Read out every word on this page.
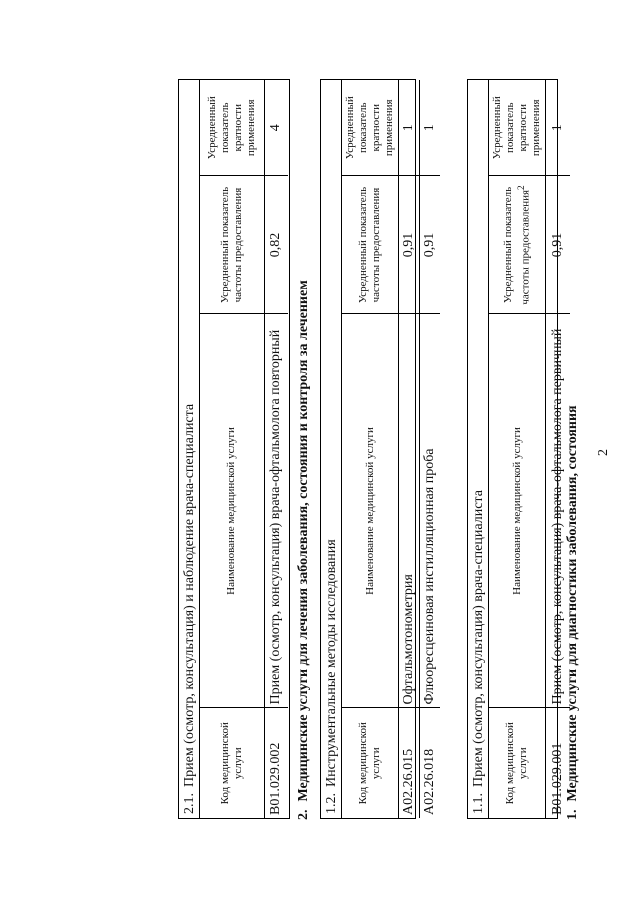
2
1.Медицинские услуги для диагностики заболевания, состояния
1.1.Прием (осмотр, консультация) врача-специалиста Код медицинской услуги	Наименование медицинской услуги	Усредненный показатель частоты предоставления$^2$	Усредненный показатель кратности применения
B01.029.001	Прием (осмотр, консультация) врача-офтальмолога первичный	0,91	1
1.2.Инструментальные методы исследования Код медицинской услуги	Наименование медицинской услуги	Усредненный показатель частоты предоставления	Усредненный показатель кратности применения
A02.26.015	Офтальмотонометрия	0,91	1
A02.26.018	Флюоресцеиновая инстилляционная проба	0,91	1
2.Медицинские услуги для лечения заболевания, состояния и контроля за лечением
2.1.Прием (осмотр, консультация) и наблюдение врача-специалиста Код медицинской услуги	Наименование медицинской услуги	Усредненный показатель частоты предоставления	Усредненный показатель кратности применения
B01.029.002	Прием (осмотр, консультация) врача-офтальмолога повторный	0,82	4
